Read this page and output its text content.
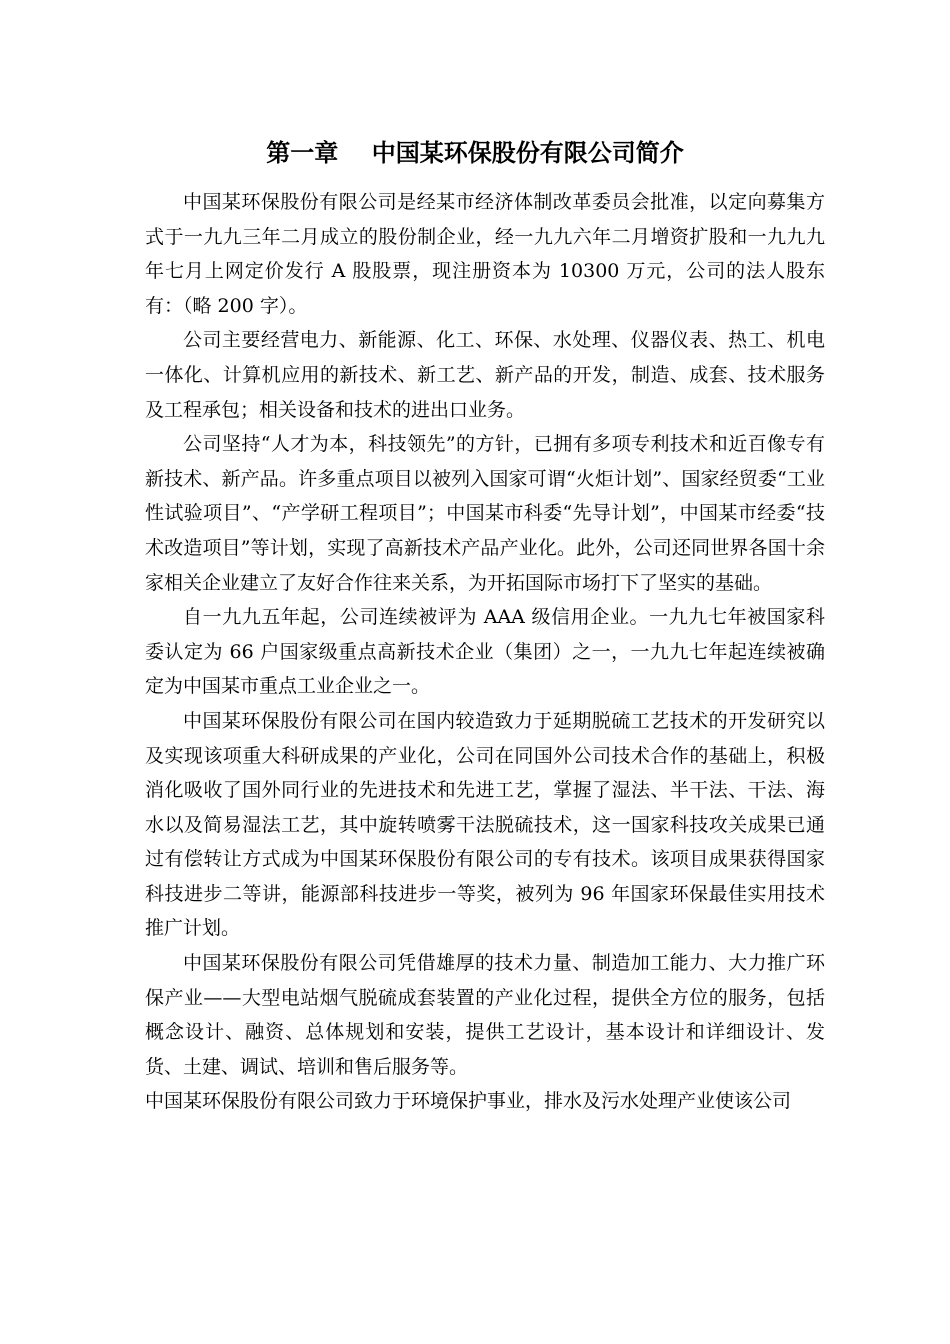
第一章    中国某环保股份有限公司简介

中国某环保股份有限公司是经某市经济体制改革委员会批准，以定向募集方式于一九九三年二月成立的股份制企业，经一九九六年二月增资扩股和一九九九年七月上网定价发行 A 股股票，现注册资本为 10300 万元，公司的法人股东有：（略 200 字）。

公司主要经营电力、新能源、化工、环保、水处理、仪器仪表、热工、机电一体化、计算机应用的新技术、新工艺、新产品的开发，制造、成套、技术服务及工程承包；相关设备和技术的进出口业务。

公司坚持“人才为本，科技领先”的方针，已拥有多项专利技术和近百像专有新技术、新产品。许多重点项目以被列入国家可谓“火炬计划”、国家经贸委“工业性试验项目”、“产学研工程项目”；中国某市科委“先导计划”，中国某市经委“技术改造项目”等计划，实现了高新技术产品产业化。此外，公司还同世界各国十余家相关企业建立了友好合作往来关系，为开拓国际市场打下了坚实的基础。

自一九九五年起，公司连续被评为 AAA 级信用企业。一九九七年被国家科委认定为 66 户国家级重点高新技术企业（集团）之一，一九九七年起连续被确定为中国某市重点工业企业之一。

中国某环保股份有限公司在国内较造致力于延期脱硫工艺技术的开发研究以及实现该项重大科研成果的产业化，公司在同国外公司技术合作的基础上，积极消化吸收了国外同行业的先进技术和先进工艺，掌握了湿法、半干法、干法、海水以及简易湿法工艺，其中旋转喷雾干法脱硫技术，这一国家科技攻关成果已通过有偿转让方式成为中国某环保股份有限公司的专有技术。该项目成果获得国家科技进步二等讲，能源部科技进步一等奖，被列为 96 年国家环保最佳实用技术推广计划。

中国某环保股份有限公司凭借雄厚的技术力量、制造加工能力、大力推广环保产业——大型电站烟气脱硫成套装置的产业化过程，提供全方位的服务，包括概念设计、融资、总体规划和安装，提供工艺设计，基本设计和详细设计、发货、土建、调试、培训和售后服务等。

中国某环保股份有限公司致力于环境保护事业，排水及污水处理产业使该公司
